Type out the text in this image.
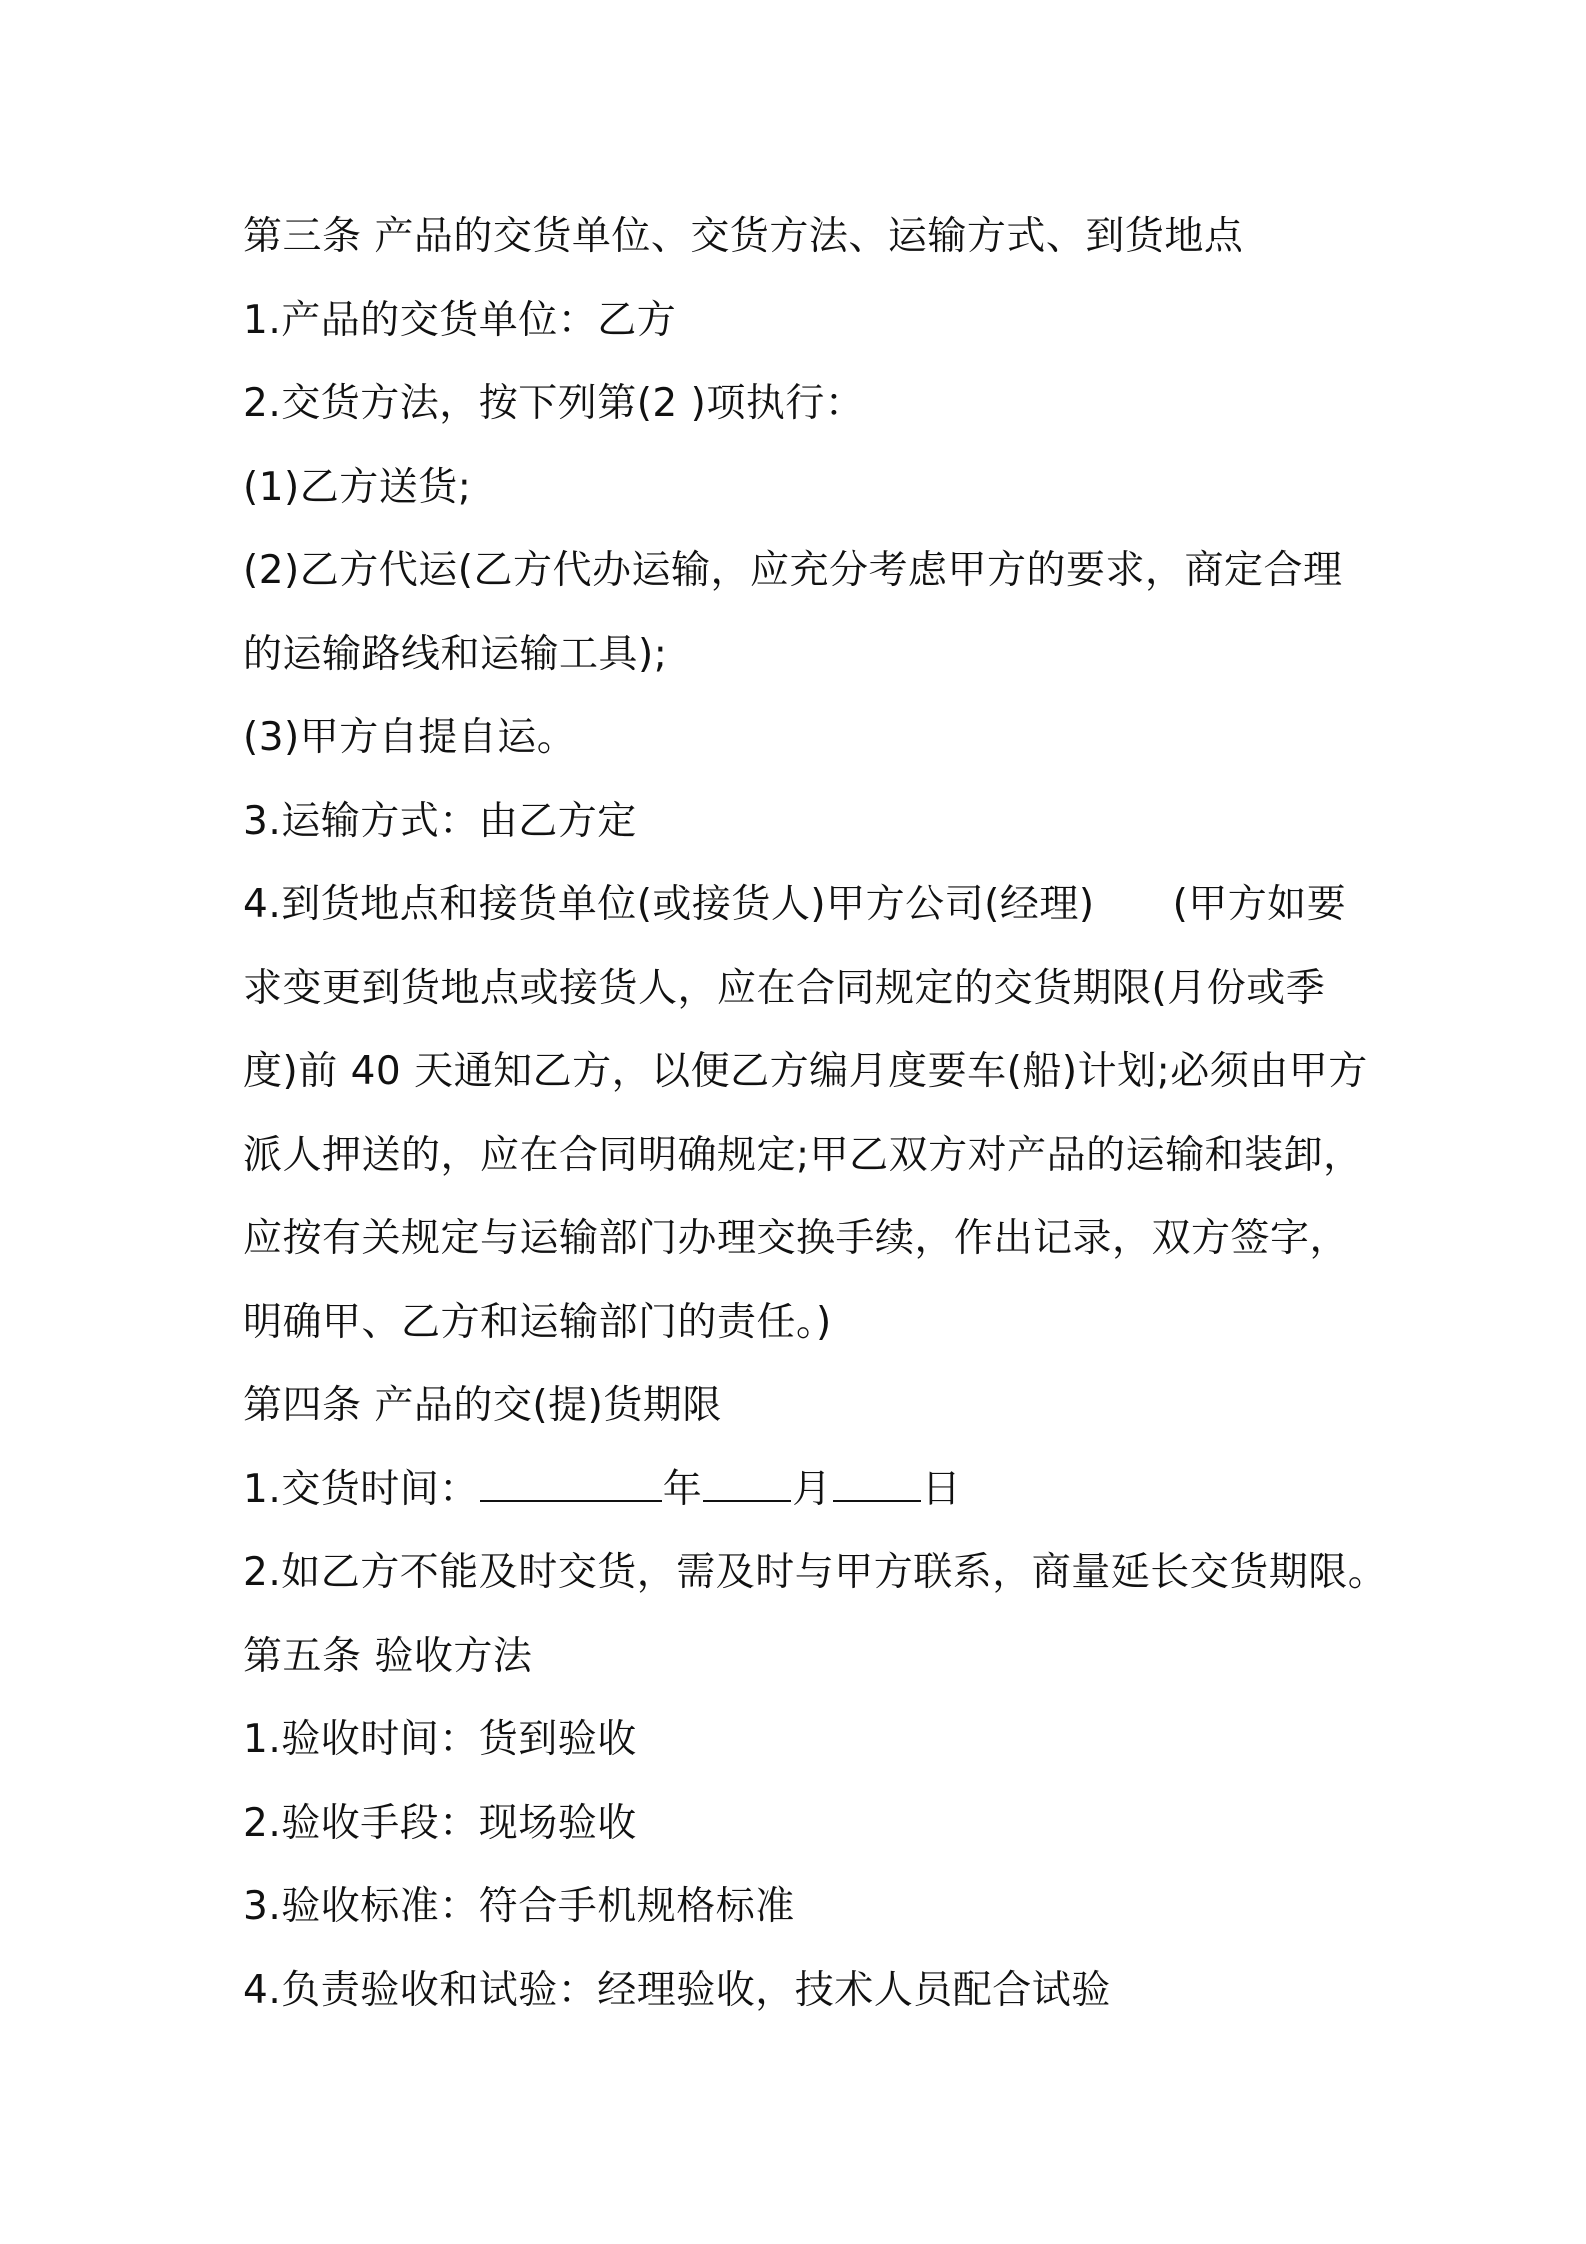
第三条 产品的交货单位、交货方法、运输方式、到货地点
1.产品的交货单位：乙方
2.交货方法，按下列第(2 )项执行：
(1)乙方送货;
(2)乙方代运(乙方代办运输，应充分考虑甲方的要求，商定合理
的运输路线和运输工具);
(3)甲方自提自运。
3.运输方式：由乙方定
4.到货地点和接货单位(或接货人)甲方公司(经理) (甲方如要
求变更到货地点或接货人，应在合同规定的交货期限(月份或季
度)前 40 天通知乙方，以便乙方编月度要车(船)计划;必须由甲方
派人押送的，应在合同明确规定;甲乙双方对产品的运输和装卸，
应按有关规定与运输部门办理交换手续，作出记录，双方签字，
明确甲、乙方和运输部门的责任。)
第四条 产品的交(提)货期限
1.交货时间：	年 月 日
2.如乙方不能及时交货，需及时与甲方联系，商量延长交货期限。
第五条 验收方法
1.验收时间：货到验收
2.验收手段：现场验收
3.验收标准：符合手机规格标准
4.负责验收和试验：经理验收，技术人员配合试验
